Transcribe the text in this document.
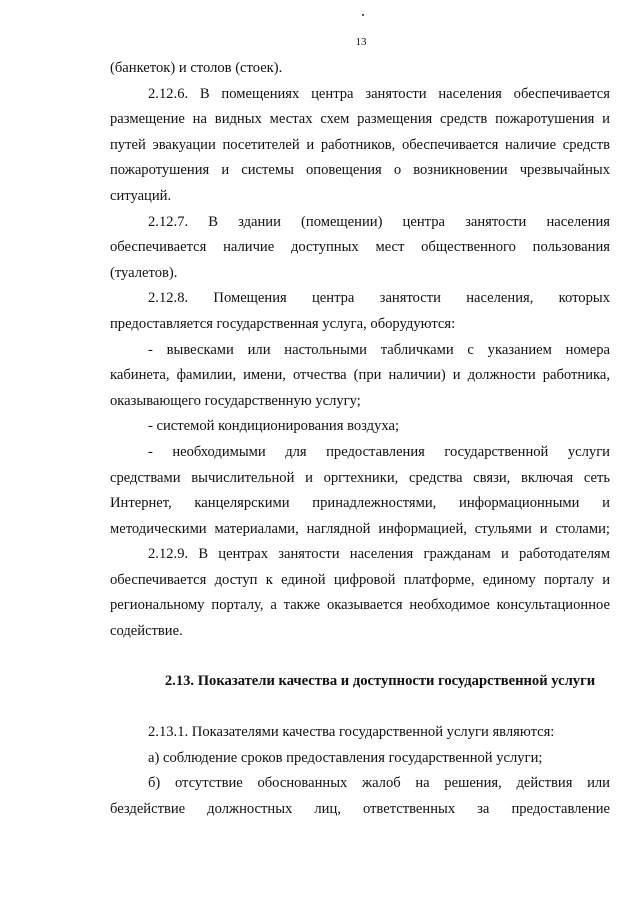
13
(банкеток) и столов (стоек).
2.12.6. В помещениях центра занятости населения обеспечивается
размещение на видных местах схем размещения средств пожаротушения и
путей эвакуации посетителей и работников, обеспечивается наличие средств
пожаротушения и системы оповещения о возникновении чрезвычайных
ситуаций.
2.12.7. В здании (помещении) центра занятости населения
обеспечивается наличие доступных мест общественного пользования
(туалетов).
2.12.8. Помещения центра занятости населения, которых
предоставляется государственная услуга, оборудуются:
- вывесками или настольными табличками с указанием номера
кабинета, фамилии, имени, отчества (при наличии) и должности работника,
оказывающего государственную услугу;
- системой кондиционирования воздуха;
- необходимыми для предоставления государственной услуги
средствами вычислительной и оргтехники, средства связи, включая сеть
Интернет, канцелярскими принадлежностями, информационными и
методическими материалами, наглядной информацией, стульями и столами;
2.12.9. В центрах занятости населения гражданам и работодателям
обеспечивается доступ к единой цифровой платформе, единому порталу и
региональному порталу, а также оказывается необходимое консультационное
содействие.
2.13. Показатели качества и доступности государственной услуги
2.13.1. Показателями качества государственной услуги являются:
а) соблюдение сроков предоставления государственной услуги;
б) отсутствие обоснованных жалоб на решения, действия или
бездействие должностных лиц, ответственных за предоставление
